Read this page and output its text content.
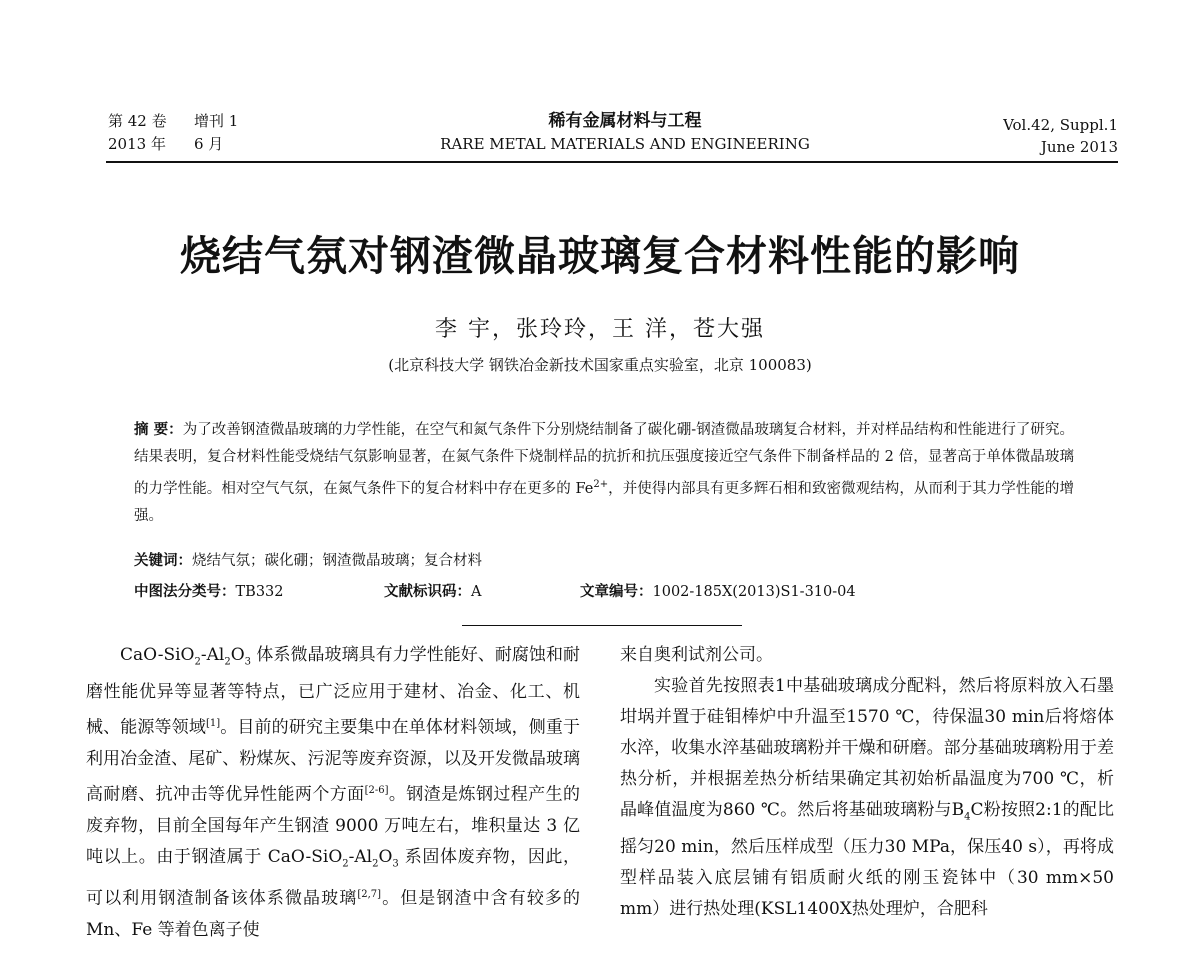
第 42 卷 增刊 1
2013 年 6 月
稀有金属材料与工程
RARE METAL MATERIALS AND ENGINEERING
Vol.42, Suppl.1
June 2013
烧结气氛对钢渣微晶玻璃复合材料性能的影响
李 宇，张玲玲，王 洋，苍大强
(北京科技大学 钢铁冶金新技术国家重点实验室，北京 100083)
摘 要：为了改善钢渣微晶玻璃的力学性能，在空气和氮气条件下分别烧结制备了碳化硼-钢渣微晶玻璃复合材料，并对样品结构和性能进行了研究。结果表明，复合材料性能受烧结气氛影响显著，在氮气条件下烧制样品的抗折和抗压强度接近空气条件下制备样品的 2 倍，显著高于单体微晶玻璃的力学性能。相对空气气氛，在氮气条件下的复合材料中存在更多的 $Fe^{2+}$，并使得内部具有更多辉石相和致密微观结构，从而利于其力学性能的增强。
关键词：烧结气氛；碳化硼；钢渣微晶玻璃；复合材料
中图法分类号：TB332	文献标识码：A	文章编号：1002-185X(2013)S1-310-04

CaO-$SiO_2-Al_2O_3$ 体系微晶玻璃具有力学性能好、耐腐蚀和耐磨性能优异等显著等特点，已广泛应用于建材、冶金、化工、机械、能源等领域[1]。目前的研究主要集中在单体材料领域，侧重于利用冶金渣、尾矿、粉煤灰、污泥等废弃资源，以及开发微晶玻璃高耐磨、抗冲击等优异性能两个方面[2-6]。钢渣是炼钢过程产生的废弃物，目前全国每年产生钢渣 9000 万吨左右，堆积量达 3 亿吨以上。由于钢渣属于 CaO-$SiO_2-Al_2O_3$ 系固体废弃物，因此，可以利用钢渣制备该体系微晶玻璃[2,7]。但是钢渣中含有较多的 Mn、Fe 等着色离子使

来自奥利试剂公司。

实验首先按照表1中基础玻璃成分配料，然后将原料放入石墨坩埚并置于硅钼棒炉中升温至1570 ℃，待保温30 min后将熔体水淬，收集水淬基础玻璃粉并干燥和研磨。部分基础玻璃粉用于差热分析，并根据差热分析结果确定其初始析晶温度为700 ℃，析晶峰值温度为860 ℃。然后将基础玻璃粉与$B_4C$粉按照2:1的配比摇匀20 min，然后压样成型（压力30 MPa，保压40 s），再将成型样品装入底层铺有铝质耐火纸的刚玉瓷钵中（30 mm×50 mm）进行热处理(KSL1400X热处理炉，合肥科
